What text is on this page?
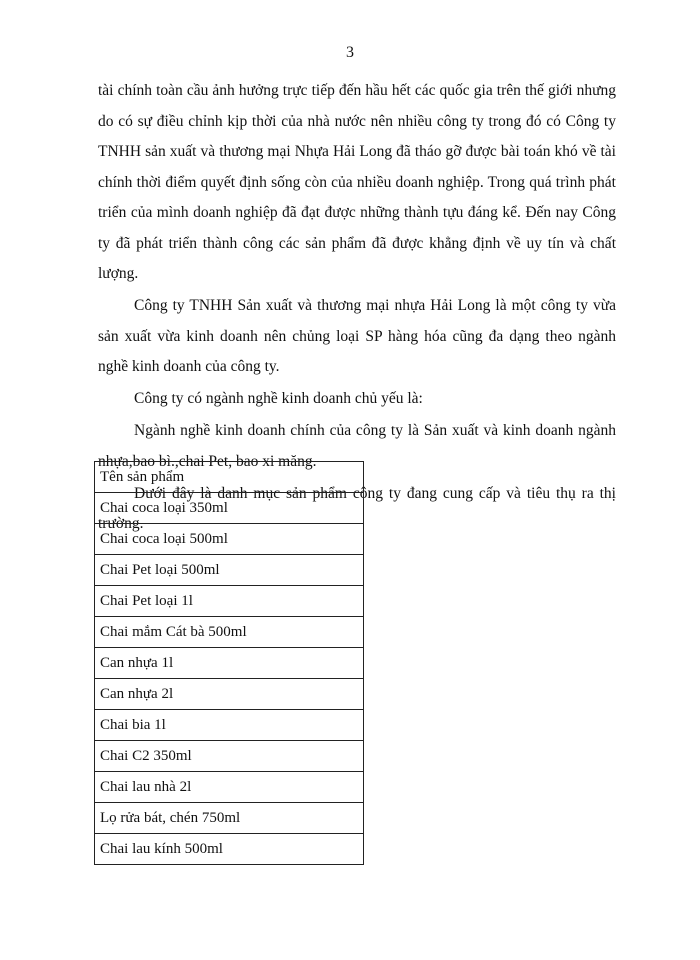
3

tài chính toàn cầu ảnh hưởng trực tiếp đến hầu hết các quốc gia trên thế giới nhưng do có sự điều chỉnh kịp thời của nhà nước nên nhiều công ty trong đó có Công ty TNHH sản xuất và thương mại Nhựa Hải Long đã tháo gỡ được bài toán khó về tài chính thời điểm quyết định sống còn của nhiều doanh nghiệp. Trong quá trình phát triển của mình doanh nghiệp đã đạt được những thành tựu đáng kể. Đến nay Công ty đã phát triển thành công các sản phẩm đã được khẳng định về uy tín và chất lượng.

Công ty TNHH Sản xuất và thương mại nhựa Hải Long là một công ty vừa sản xuất vừa kinh doanh nên chủng loại SP hàng hóa cũng đa dạng theo ngành nghề kinh doanh của công ty.

Công ty có ngành nghề kinh doanh chủ yếu là:

Ngành nghề kinh doanh chính của công ty là Sản xuất và kinh doanh ngành nhựa,bao bì.,chai Pet, bao xi măng.

Dưới đây là danh mục sản phẩm công ty đang cung cấp và tiêu thụ ra thị trường.

Tên sản phẩm
Chai coca loại 350ml
Chai coca loại 500ml
Chai Pet loại 500ml
Chai Pet loại 1l
Chai mắm Cát bà 500ml
Can nhựa 1l
Can nhựa 2l
Chai bia 1l
Chai C2 350ml
Chai lau nhà 2l
Lọ rửa bát, chén 750ml
Chai lau kính 500ml
